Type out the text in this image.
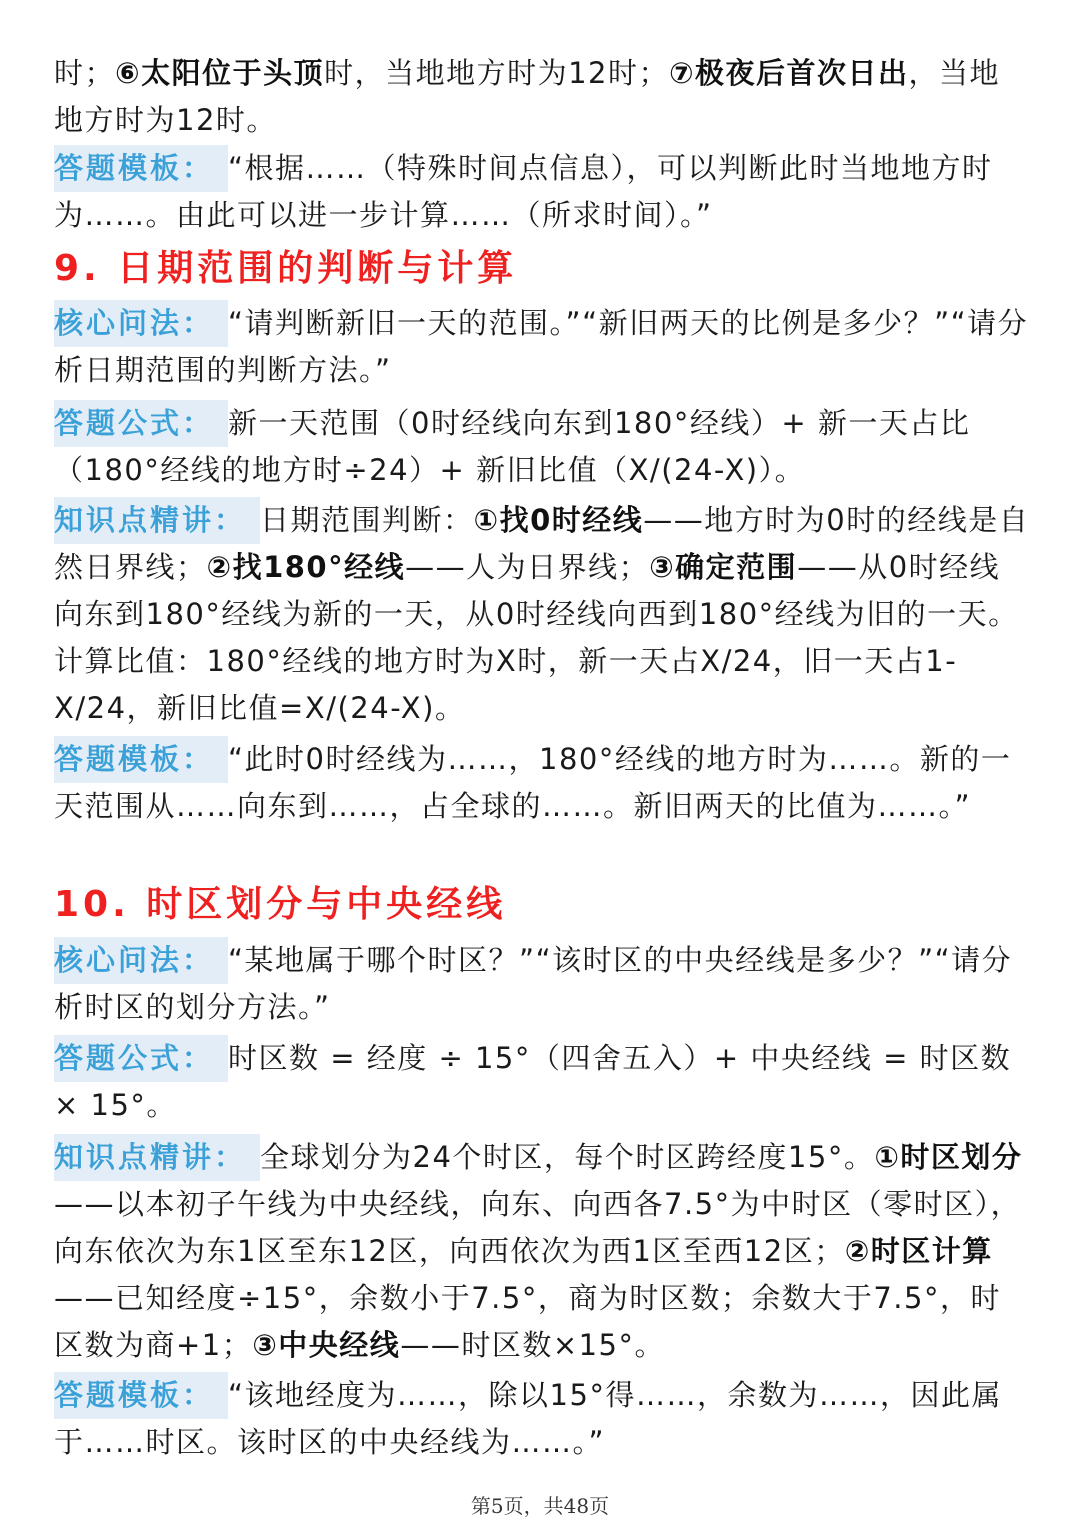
时；⑥太阳位于头顶时，当地地方时为12时；⑦极夜后首次日出，当地地方时为12时。

答题模板： “根据……（特殊时间点信息），可以判断此时当地地方时为……。由此可以进一步计算……（所求时间）。”

9. 日期范围的判断与计算

核心问法： “请判断新旧一天的范围。”“新旧两天的比例是多少？”“请分析日期范围的判断方法。”

答题公式： 新一天范围（0时经线向东到180°经线）+ 新一天占比（180°经线的地方时÷24）+ 新旧比值（X/(24-X)）。

知识点精讲： 日期范围判断：①找0时经线——地方时为0时的经线是自然日界线；②找180°经线——人为日界线；③确定范围——从0时经线向东到180°经线为新的一天，从0时经线向西到180°经线为旧的一天。计算比值：180°经线的地方时为X时，新一天占X/24，旧一天占1-X/24，新旧比值=X/(24-X)。

答题模板： “此时0时经线为……，180°经线的地方时为……。新的一天范围从……向东到……，占全球的……。新旧两天的比值为……。”

10. 时区划分与中央经线

核心问法： “某地属于哪个时区？”“该时区的中央经线是多少？”“请分析时区的划分方法。”

答题公式： 时区数 = 经度 ÷ 15°（四舍五入）+ 中央经线 = 时区数 × 15°。

知识点精讲： 全球划分为24个时区，每个时区跨经度15°。①时区划分——以本初子午线为中央经线，向东、向西各7.5°为中时区（零时区），向东依次为东1区至东12区，向西依次为西1区至西12区；②时区计算——已知经度÷15°，余数小于7.5°，商为时区数；余数大于7.5°，时区数为商+1；③中央经线——时区数×15°。

答题模板： “该地经度为……，除以15°得……，余数为……，因此属于……时区。该时区的中央经线为……。”

第5页，共48页
